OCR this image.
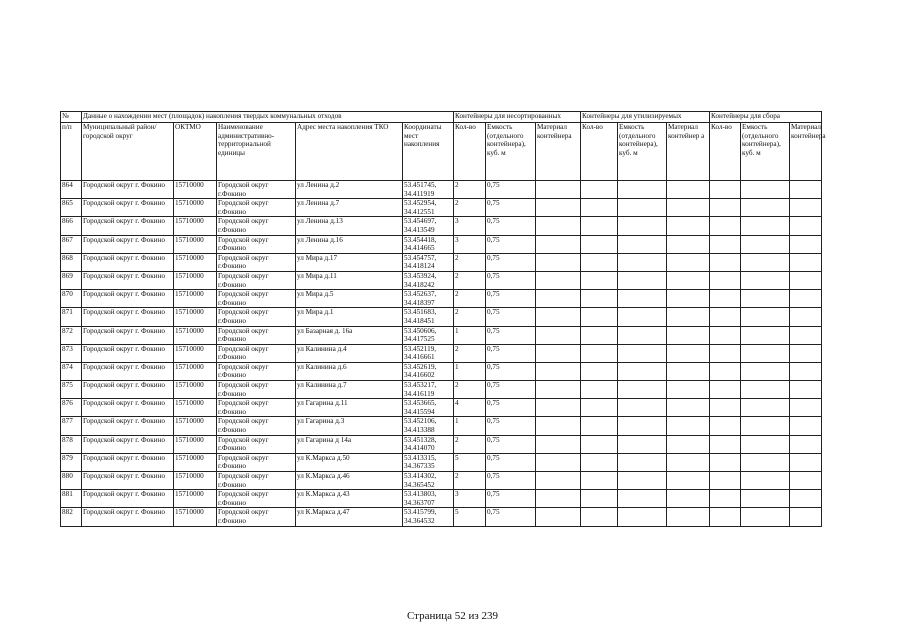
№	Данные о нахождении мест (площадок) накопления твердых коммунальных отходов					Контейнеры для несортированных			Контейнеры для утилизируемых			Контейнеры для сбора		
п/п	Муниципальный район/городской округ	ОКТМО	Наименование административно-территориальной единицы	Адрес места накопления ТКО	Координаты мест накопления	Кол-во	Емкость (отдельного контейнера), куб. м	Материал контейнера	Кол-во	Емкость (отдельного контейнера), куб. м	Материал контейнер а	Кол-во	Емкость (отдельного контейнера), куб. м	Материал контейнера
864	Городской округ г. Фокино	15710000	Городской округ г.Фокино	ул Ленина д.2	53.451745, 34.411919	2	0,75							
865	Городской округ г. Фокино	15710000	Городской округ г.Фокино	ул Ленина д.7	53.452954, 34.412551	2	0,75							
866	Городской округ г. Фокино	15710000	Городской округ г.Фокино	ул Ленина д.13	53.454697, 34.413549	3	0,75							
867	Городской округ г. Фокино	15710000	Городской округ г.Фокино	ул Ленина д.16	53.454418, 34.414665	3	0,75							
868	Городской округ г. Фокино	15710000	Городской округ г.Фокино	ул Мира д.17	53.454757, 34.418124	2	0,75							
869	Городской округ г. Фокино	15710000	Городской округ г.Фокино	ул Мира д.11	53.453924, 34.418242	2	0,75							
870	Городской округ г. Фокино	15710000	Городской округ г.Фокино	ул Мира д.5	53.452637, 34.418397	2	0,75							
871	Городской округ г. Фокино	15710000	Городской округ г.Фокино	ул Мира д.1	53.451683, 34.418451	2	0,75							
872	Городской округ г. Фокино	15710000	Городской округ г.Фокино	ул Базарная д. 16а	53.450606, 34.417525	1	0,75							
873	Городской округ г. Фокино	15710000	Городской округ г.Фокино	ул Калинина д.4	53.452119, 34.416661	2	0,75							
874	Городской округ г. Фокино	15710000	Городской округ г.Фокино	ул Калинина д.6	53.452619, 34.416602	1	0,75							
875	Городской округ г. Фокино	15710000	Городской округ г.Фокино	ул Калинина д.7	53.453217, 34.416119	2	0,75							
876	Городской округ г. Фокино	15710000	Городской округ г.Фокино	ул Гагарина д.11	53.453665, 34.415594	4	0,75							
877	Городской округ г. Фокино	15710000	Городской округ г.Фокино	ул Гагарина д.3	53.452106, 34.413388	1	0,75							
878	Городской округ г. Фокино	15710000	Городской округ г.Фокино	ул Гагарина д 14а	53.451328, 34.414070	2	0,75							
879	Городской округ г. Фокино	15710000	Городской округ г.Фокино	ул К.Маркса д.50	53.413315, 34.367335	5	0,75							
880	Городской округ г. Фокино	15710000	Городской округ г.Фокино	ул К.Маркса д.46	53.414302, 34.365452	2	0,75							
881	Городской округ г. Фокино	15710000	Городской округ г.Фокино	ул К.Маркса д.43	53.413803, 34.363707	3	0,75							
882	Городской округ г. Фокино	15710000	Городской округ г.Фокино	ул К.Маркса д.47	53.415799, 34.364532	5	0,75							
Страница 52 из 239
